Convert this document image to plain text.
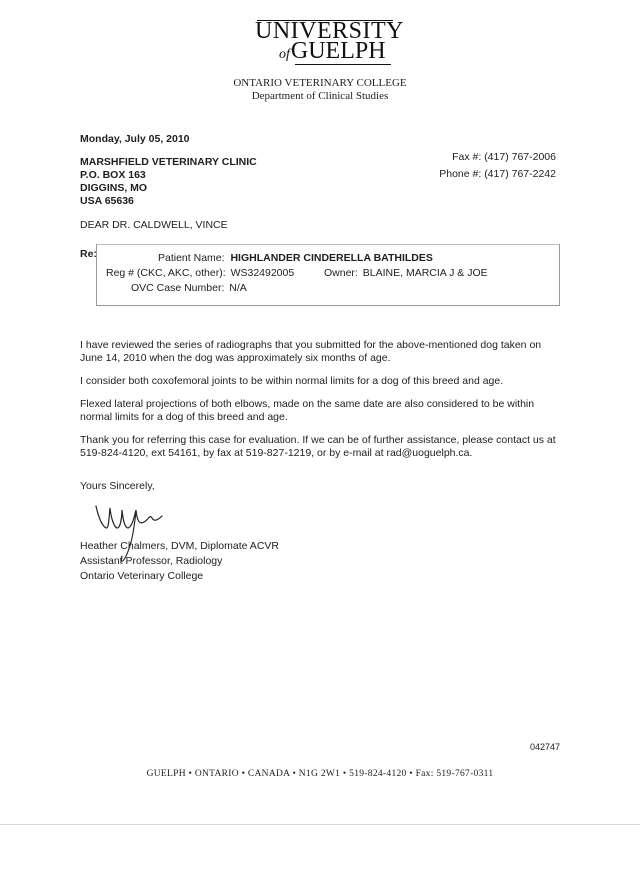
UNIVERSITY
ofGUELPH
ONTARIO VETERINARY COLLEGE
Department of Clinical Studies
Monday, July 05, 2010
MARSHFIELD VETERINARY CLINIC
P.O. BOX 163
DIGGINS, MO
USA 65636
Fax #: (417) 767-2006
Phone #: (417) 767-2242
DEAR DR. CALDWELL, VINCE
Re:	Patient Name: HIGHLANDER CINDERELLA BATHILDES
Reg # (CKC, AKC, other): WS32492005	Owner: BLAINE, MARCIA J & JOE
OVC Case Number: N/A
I have reviewed the series of radiographs that you submitted for the above-mentioned dog taken on
June 14, 2010 when the dog was approximately six months of age.
I consider both coxofemoral joints to be within normal limits for a dog of this breed and age.
Flexed lateral projections of both elbows, made on the same date are also considered to be within
normal limits for a dog of this breed and age.
Thank you for referring this case for evaluation. If we can be of further assistance, please contact us at
519-824-4120, ext 54161, by fax at 519-827-1219, or by e-mail at rad@uoguelph.ca.
Yours Sincerely,
Heather Chalmers, DVM, Diplomate ACVR
Assistant Professor, Radiology
Ontario Veterinary College
042747
GUELPH • ONTARIO • CANADA • N1G 2W1 • 519-824-4120 • Fax: 519-767-0311
